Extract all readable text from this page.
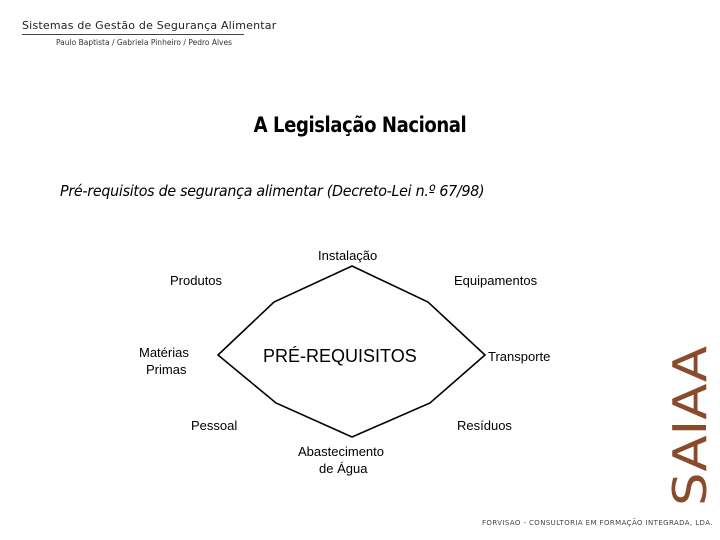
Sistemas de Gestão de Segurança Alimentar
Paulo Baptista / Gabriela Pinheiro / Pedro Alves
A Legislação Nacional
Pré-requisitos de segurança alimentar (Decreto-Lei n.º 67/98)
Instalação
Equipamentos
Transporte
Resíduos
Abastecimento
de Água
Pessoal
Matérias
Primas
Produtos
PRÉ-REQUISITOS
SAIAA
FORVISAO - CONSULTORIA EM FORMAÇÃO INTEGRADA, LDA.
